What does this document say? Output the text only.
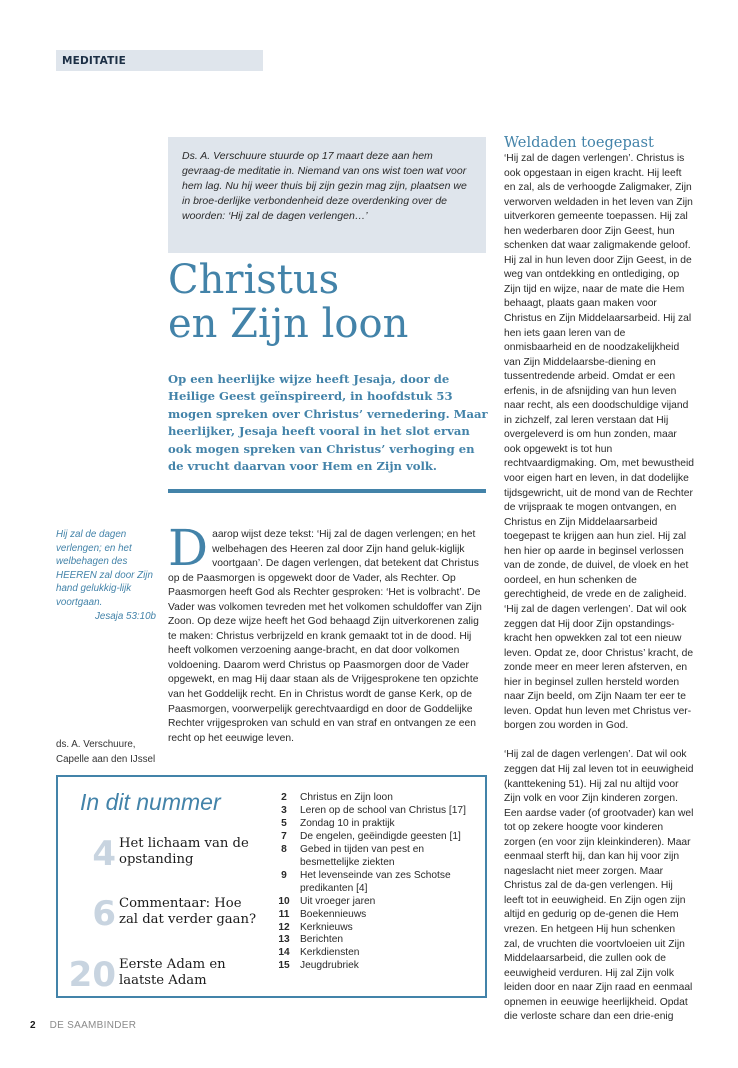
MEDITATIE
Ds. A. Verschuure stuurde op 17 maart deze aan hem gevraag-de meditatie in. Niemand van ons wist toen wat voor hem lag. Nu hij weer thuis bij zijn gezin mag zijn, plaatsen we in broe-derlijke verbondenheid deze overdenking over de woorden: ‘Hij zal de dagen verlengen…’
Christus
en Zijn loon
Op een heerlijke wijze heeft Jesaja, door de Heilige Geest geïnspireerd, in hoofdstuk 53 mogen spreken over Christus’ vernedering. Maar heerlijker, Jesaja heeft vooral in het slot ervan ook mogen spreken van Christus’ verhoging en de vrucht daarvan voor Hem en Zijn volk.
Hij zal de dagen verlengen; en het welbehagen des HEEREN zal door Zijn hand gelukkig-lijk voortgaan.
Jesaja 53:10b
ds. A. Verschuure,
Capelle aan den IJssel
Daarop wijst deze tekst: ‘Hij zal de dagen verlengen; en het welbehagen des Heeren zal door Zijn hand geluk-kiglijk voortgaan’. De dagen verlengen, dat betekent dat Christus op de Paasmorgen is opgewekt door de Vader, als Rechter. Op Paasmorgen heeft God als Rechter gesproken: ‘Het is volbracht’. De Vader was volkomen tevreden met het volkomen schuldoffer van Zijn Zoon. Op deze wijze heeft het God behaagd Zijn uitverkorenen zalig te maken: Christus verbrijzeld en krank gemaakt tot in de dood. Hij heeft volkomen verzoening aange-bracht, en dat door volkomen voldoening. Daarom werd Christus op Paasmorgen door de Vader opgewekt, en mag Hij daar staan als de Vrijgesprokene ten opzichte van het Goddelijk recht. En in Christus wordt de ganse Kerk, op de Paasmorgen, voorwerpelijk gerechtvaardigd en door de Goddelijke Rechter vrijgesproken van schuld en van straf en ontvangen ze een recht op het eeuwige leven.
In dit nummer
4 Het lichaam van de opstanding
6 Commentaar: Hoe zal dat verder gaan?
20 Eerste Adam en laatste Adam
2	Christus en Zijn loon
3	Leren op de school van Christus [17]
5	Zondag 10 in praktijk
7	De engelen, geëindigde geesten [1]
8	Gebed in tijden van pest en besmettelijke ziekten
9	Het levenseinde van zes Schotse predikanten [4]
10	Uit vroeger jaren
11	Boekennieuws
12	Kerknieuws
13	Berichten
14	Kerkdiensten
15	Jeugdrubriek
Weldaden toegepast
‘Hij zal de dagen verlengen’. Christus is ook opgestaan in eigen kracht. Hij leeft en zal, als de verhoogde Zaligmaker, Zijn verworven weldaden in het leven van Zijn uitverkoren gemeente toepassen. Hij zal hen wederbaren door Zijn Geest, hun schenken dat waar zaligmakende geloof. Hij zal in hun leven door Zijn Geest, in de weg van ontdekking en ontlediging, op Zijn tijd en wijze, naar de mate die Hem behaagt, plaats gaan maken voor Christus en Zijn Middelaarsarbeid. Hij zal hen iets gaan leren van de onmisbaarheid en de noodzakelijkheid van Zijn Middelaarsbe-diening en tussentredende arbeid. Omdat er een erfenis, in de afsnijding van hun leven naar recht, als een doodschuldige vijand in zichzelf, zal leren verstaan dat Hij overgeleverd is om hun zonden, maar ook opgewekt is tot hun rechtvaardigmaking. Om, met bewustheid voor eigen hart en leven, in dat dodelijke tijdsgewricht, uit de mond van de Rechter de vrijspraak te mogen ontvangen, en Christus en Zijn Middelaarsarbeid toegepast te krijgen aan hun ziel. Hij zal hen hier op aarde in beginsel verlossen van de zonde, de duivel, de vloek en het oordeel, en hun schenken de gerechtigheid, de vrede en de zaligheid. ‘Hij zal de dagen verlengen’. Dat wil ook zeggen dat Hij door Zijn opstandings-kracht hen opwekken zal tot een nieuw leven. Opdat ze, door Christus’ kracht, de zonde meer en meer leren afsterven, en hier in beginsel zullen hersteld worden naar Zijn beeld, om Zijn Naam ter eer te leven. Opdat hun leven met Christus ver-borgen zou worden in God.
‘Hij zal de dagen verlengen’. Dat wil ook zeggen dat Hij zal leven tot in eeuwigheid (kanttekening 51). Hij zal nu altijd voor Zijn volk en voor Zijn kinderen zorgen. Een aardse vader (of grootvader) kan wel tot op zekere hoogte voor kinderen zorgen (en voor zijn kleinkinderen). Maar eenmaal sterft hij, dan kan hij voor zijn nageslacht niet meer zorgen. Maar Christus zal de da-gen verlengen. Hij leeft tot in eeuwigheid. En Zijn ogen zijn altijd en gedurig op de-genen die Hem vrezen. En hetgeen Hij hun schenken zal, de vruchten die voortvloeien uit Zijn Middelaarsarbeid, die zullen ook de eeuwigheid verduren. Hij zal Zijn volk leiden door en naar Zijn raad en eenmaal opnemen in eeuwige heerlijkheid. Opdat die verloste schare dan een drie-enig
2 DE SAAMBINDER
